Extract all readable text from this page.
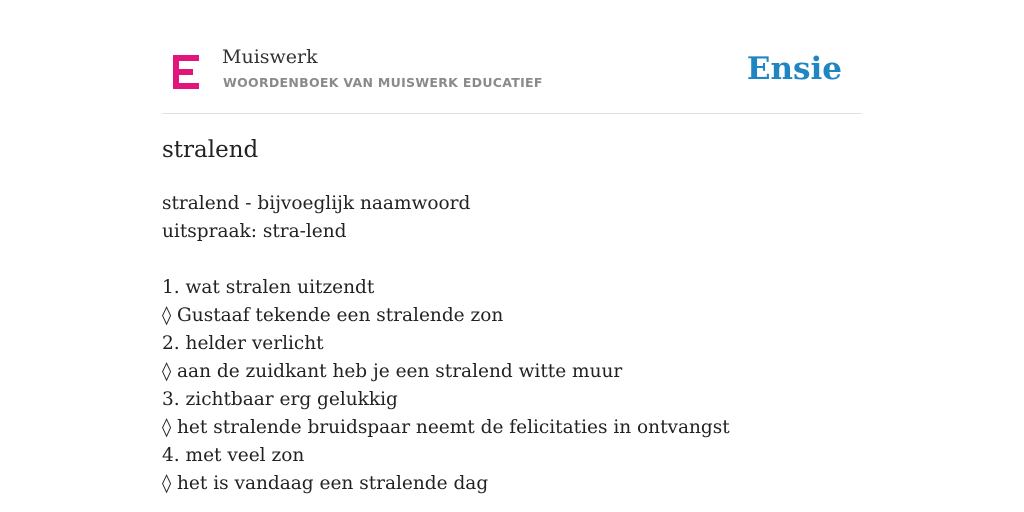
Muiswerk
WOORDENBOEK VAN MUISWERK EDUCATIEF	Ensie
stralend
stralend - bijvoeglijk naamwoord
uitspraak: stra-lend
1. wat stralen uitzendt
◊ Gustaaf tekende een stralende zon
2. helder verlicht
◊ aan de zuidkant heb je een stralend witte muur
3. zichtbaar erg gelukkig
◊ het stralende bruidspaar neemt de felicitaties in ontvangst
4. met veel zon
◊ het is vandaag een stralende dag
